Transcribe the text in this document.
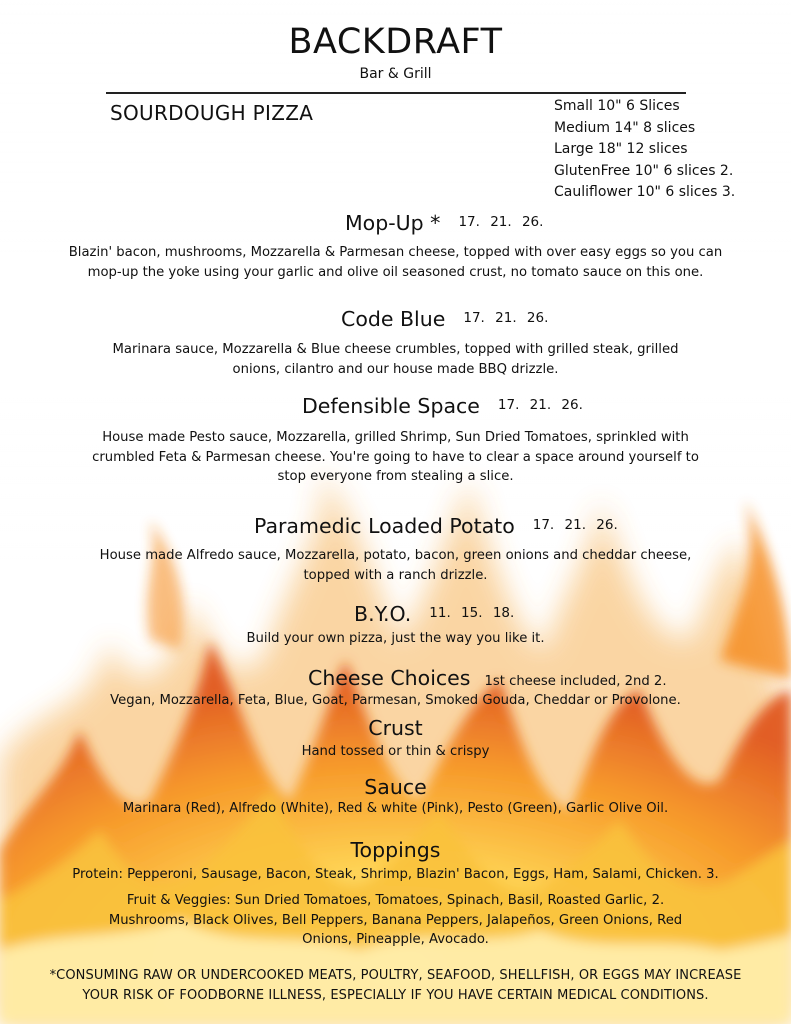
BACKDRAFT
Bar & Grill
SOURDOUGH PIZZA	Small 10" 6 Slices
Medium 14" 8 slices
Large 18" 12 slices
GlutenFree 10" 6 slices 2.
Cauliflower 10" 6 slices 3.
Mop-Up * $^{17. 21. 26.}$
Blazin' bacon, mushrooms, Mozzarella & Parmesan cheese, topped with over easy eggs so you can
mop-up the yoke using your garlic and olive oil seasoned crust, no tomato sauce on this one.
Code Blue $^{17. 21. 26.}$
Marinara sauce, Mozzarella & Blue cheese crumbles, topped with grilled steak, grilled
onions, cilantro and our house made BBQ drizzle.
Defensible Space $^{17. 21. 26.}$
House made Pesto sauce, Mozzarella, grilled Shrimp, Sun Dried Tomatoes, sprinkled with
crumbled Feta & Parmesan cheese. You're going to have to clear a space around yourself to
stop everyone from stealing a slice.
Paramedic Loaded Potato $^{17. 21. 26.}$
House made Alfredo sauce, Mozzarella, potato, bacon, green onions and cheddar cheese,
topped with a ranch drizzle.
B.Y.O. $^{11. 15. 18.}$
Build your own pizza, just the way you like it.
Cheese Choices 1st cheese included, 2nd 2.
Vegan, Mozzarella, Feta, Blue, Goat, Parmesan, Smoked Gouda, Cheddar or Provolone.
Crust
Hand tossed or thin & crispy
Sauce
Marinara (Red), Alfredo (White), Red & white (Pink), Pesto (Green), Garlic Olive Oil.
Toppings
Protein: Pepperoni, Sausage, Bacon, Steak, Shrimp, Blazin' Bacon, Eggs, Ham, Salami, Chicken. 3.
Fruit & Veggies: Sun Dried Tomatoes, Tomatoes, Spinach, Basil, Roasted Garlic, 2.
Mushrooms, Black Olives, Bell Peppers, Banana Peppers, Jalapeños, Green Onions, Red
Onions, Pineapple, Avocado.
*CONSUMING RAW OR UNDERCOOKED MEATS, POULTRY, SEAFOOD, SHELLFISH, OR EGGS MAY INCREASE
YOUR RISK OF FOODBORNE ILLNESS, ESPECIALLY IF YOU HAVE CERTAIN MEDICAL CONDITIONS.
